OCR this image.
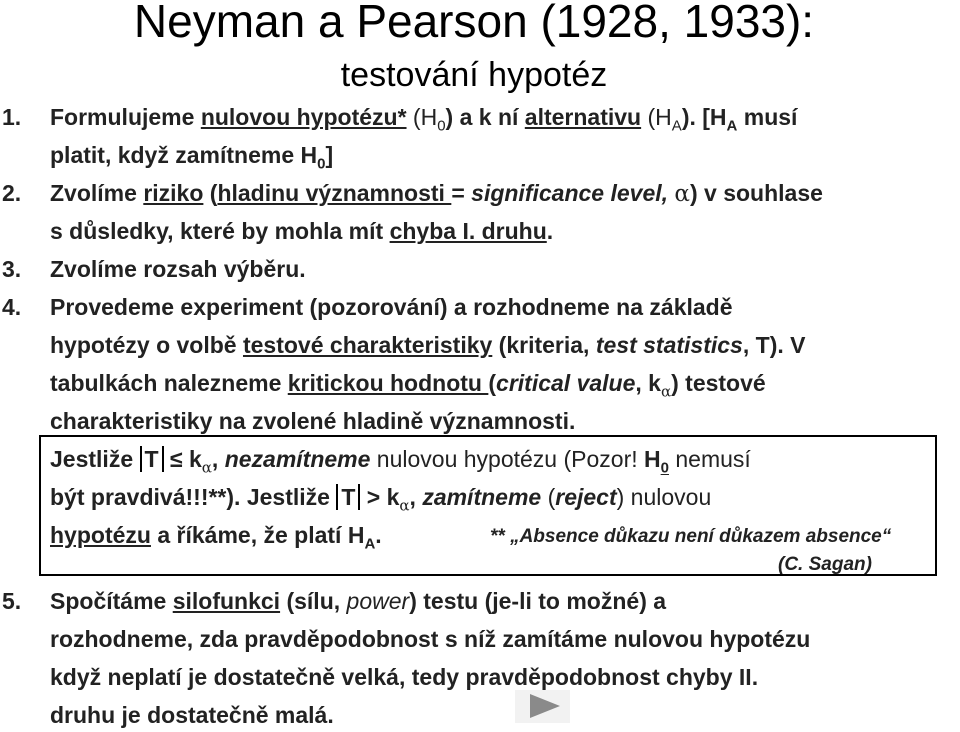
Neyman a Pearson (1928, 1933):
testování hypotéz
1. Formulujeme nulovou hypotézu* $(H_0)$ a k ní alternativu $(H_A)$. [$H_A$ musí
platit, když zamítneme $H_0$]
2. Zvolíme riziko (hladinu významnosti = significance level, α) v souhlase
s důsledky, které by mohla mít chyba I. druhu.
3. Zvolíme rozsah výběru.
4. Provedeme experiment (pozorování) a rozhodneme na základě
hypotézy o volbě testové charakteristiky (kriteria, test statistics, T). V
tabulkách nalezneme kritickou hodnotu (critical value, $k_\alpha$) testové
charakteristiky na zvolené hladině významnosti.
Jestliže $T \le k_\alpha$, nezamítneme nulovou hypotézu (Pozor! $H_0$ nemusí
být pravdivá!!!**). Jestliže $T > k_\alpha$, zamítneme (reject) nulovou
hypotézu a říkáme, že platí $H_A$.	** „Absence důkazu není důkazem absence“
(C. Sagan)
5. Spočítáme silofunkci (sílu, power) testu (je-li to možné) a
rozhodneme, zda pravděpodobnost s níž zamítáme nulovou hypotézu
když neplatí je dostatečně velká, tedy pravděpodobnost chyby II.
druhu je dostatečně malá.
